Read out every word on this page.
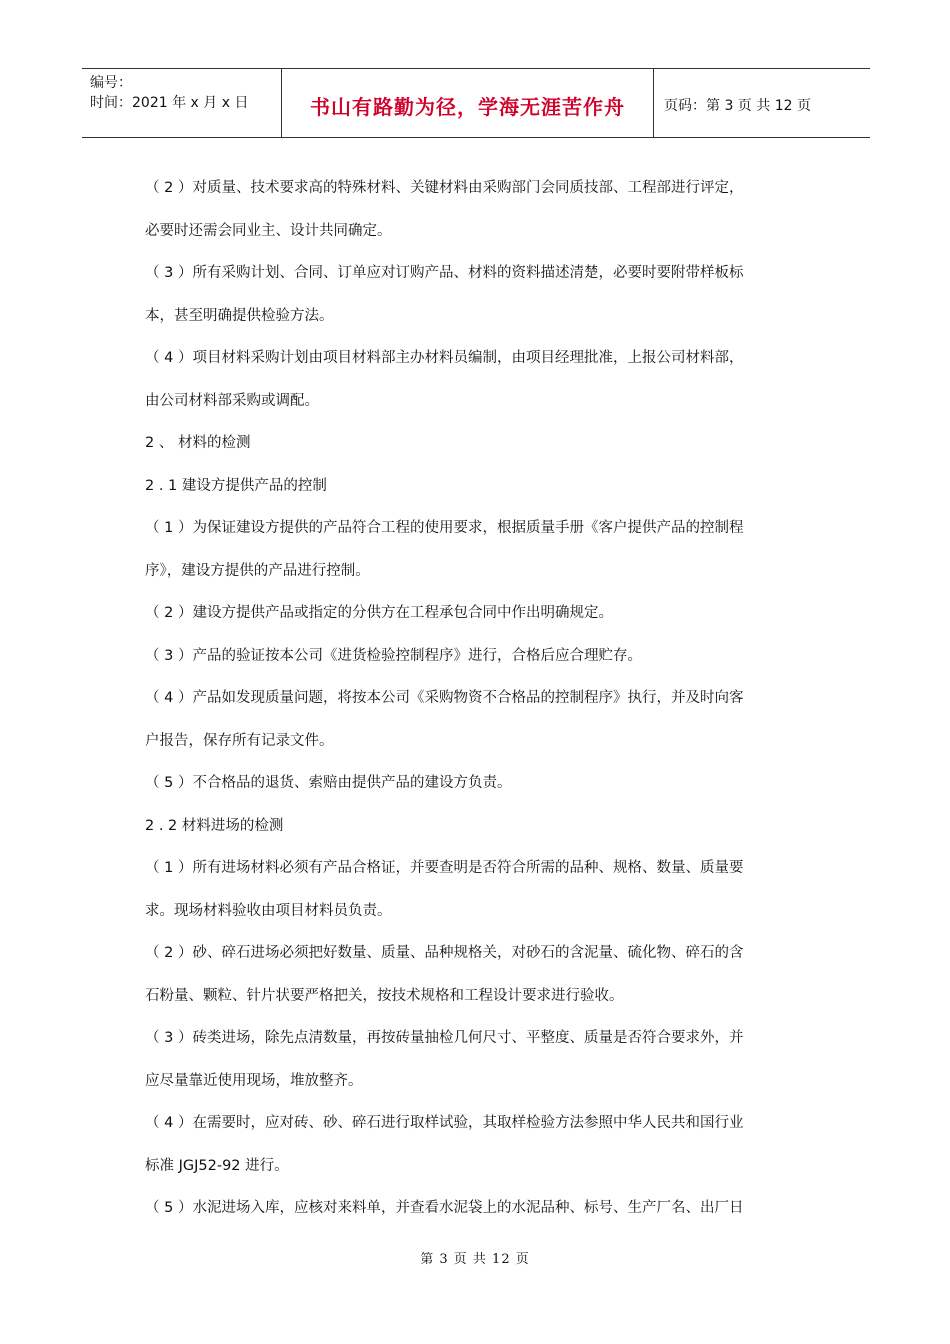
编号：
时间：2021 年 x 月 x 日	书山有路勤为径，学海无涯苦作舟	页码：第 3 页 共 12 页
（ 2 ）对质量、技术要求高的特殊材料、关键材料由采购部门会同质技部、工程部进行评定，
必要时还需会同业主、设计共同确定。
（ 3 ）所有采购计划、合同、订单应对订购产品、材料的资料描述清楚，必要时要附带样板标
本，甚至明确提供检验方法。
（ 4 ）项目材料采购计划由项目材料部主办材料员编制，由项目经理批准，上报公司材料部，
由公司材料部采购或调配。
2 、 材料的检测
2 . 1 建设方提供产品的控制
（ 1 ）为保证建设方提供的产品符合工程的使用要求，根据质量手册《客户提供产品的控制程
序》，建设方提供的产品进行控制。
（ 2 ）建设方提供产品或指定的分供方在工程承包合同中作出明确规定。
（ 3 ）产品的验证按本公司《进货检验控制程序》进行，合格后应合理贮存。
（ 4 ）产品如发现质量问题，将按本公司《采购物资不合格品的控制程序》执行，并及时向客
户报告，保存所有记录文件。
（ 5 ）不合格品的退货、索赔由提供产品的建设方负责。
2 . 2 材料进场的检测
（ 1 ）所有进场材料必须有产品合格证，并要查明是否符合所需的品种、规格、数量、质量要
求。现场材料验收由项目材料员负责。
（ 2 ）砂、碎石进场必须把好数量、质量、品种规格关，对砂石的含泥量、硫化物、碎石的含
石粉量、颗粒、针片状要严格把关，按技术规格和工程设计要求进行验收。
（ 3 ）砖类进场，除先点清数量，再按砖量抽检几何尺寸、平整度、质量是否符合要求外，并
应尽量靠近使用现场，堆放整齐。
（ 4 ）在需要时，应对砖、砂、碎石进行取样试验，其取样检验方法参照中华人民共和国行业
标准 JGJ52-92 进行。
（ 5 ）水泥进场入库，应核对来料单，并查看水泥袋上的水泥品种、标号、生产厂名、出厂日
第 3 页 共 12 页
